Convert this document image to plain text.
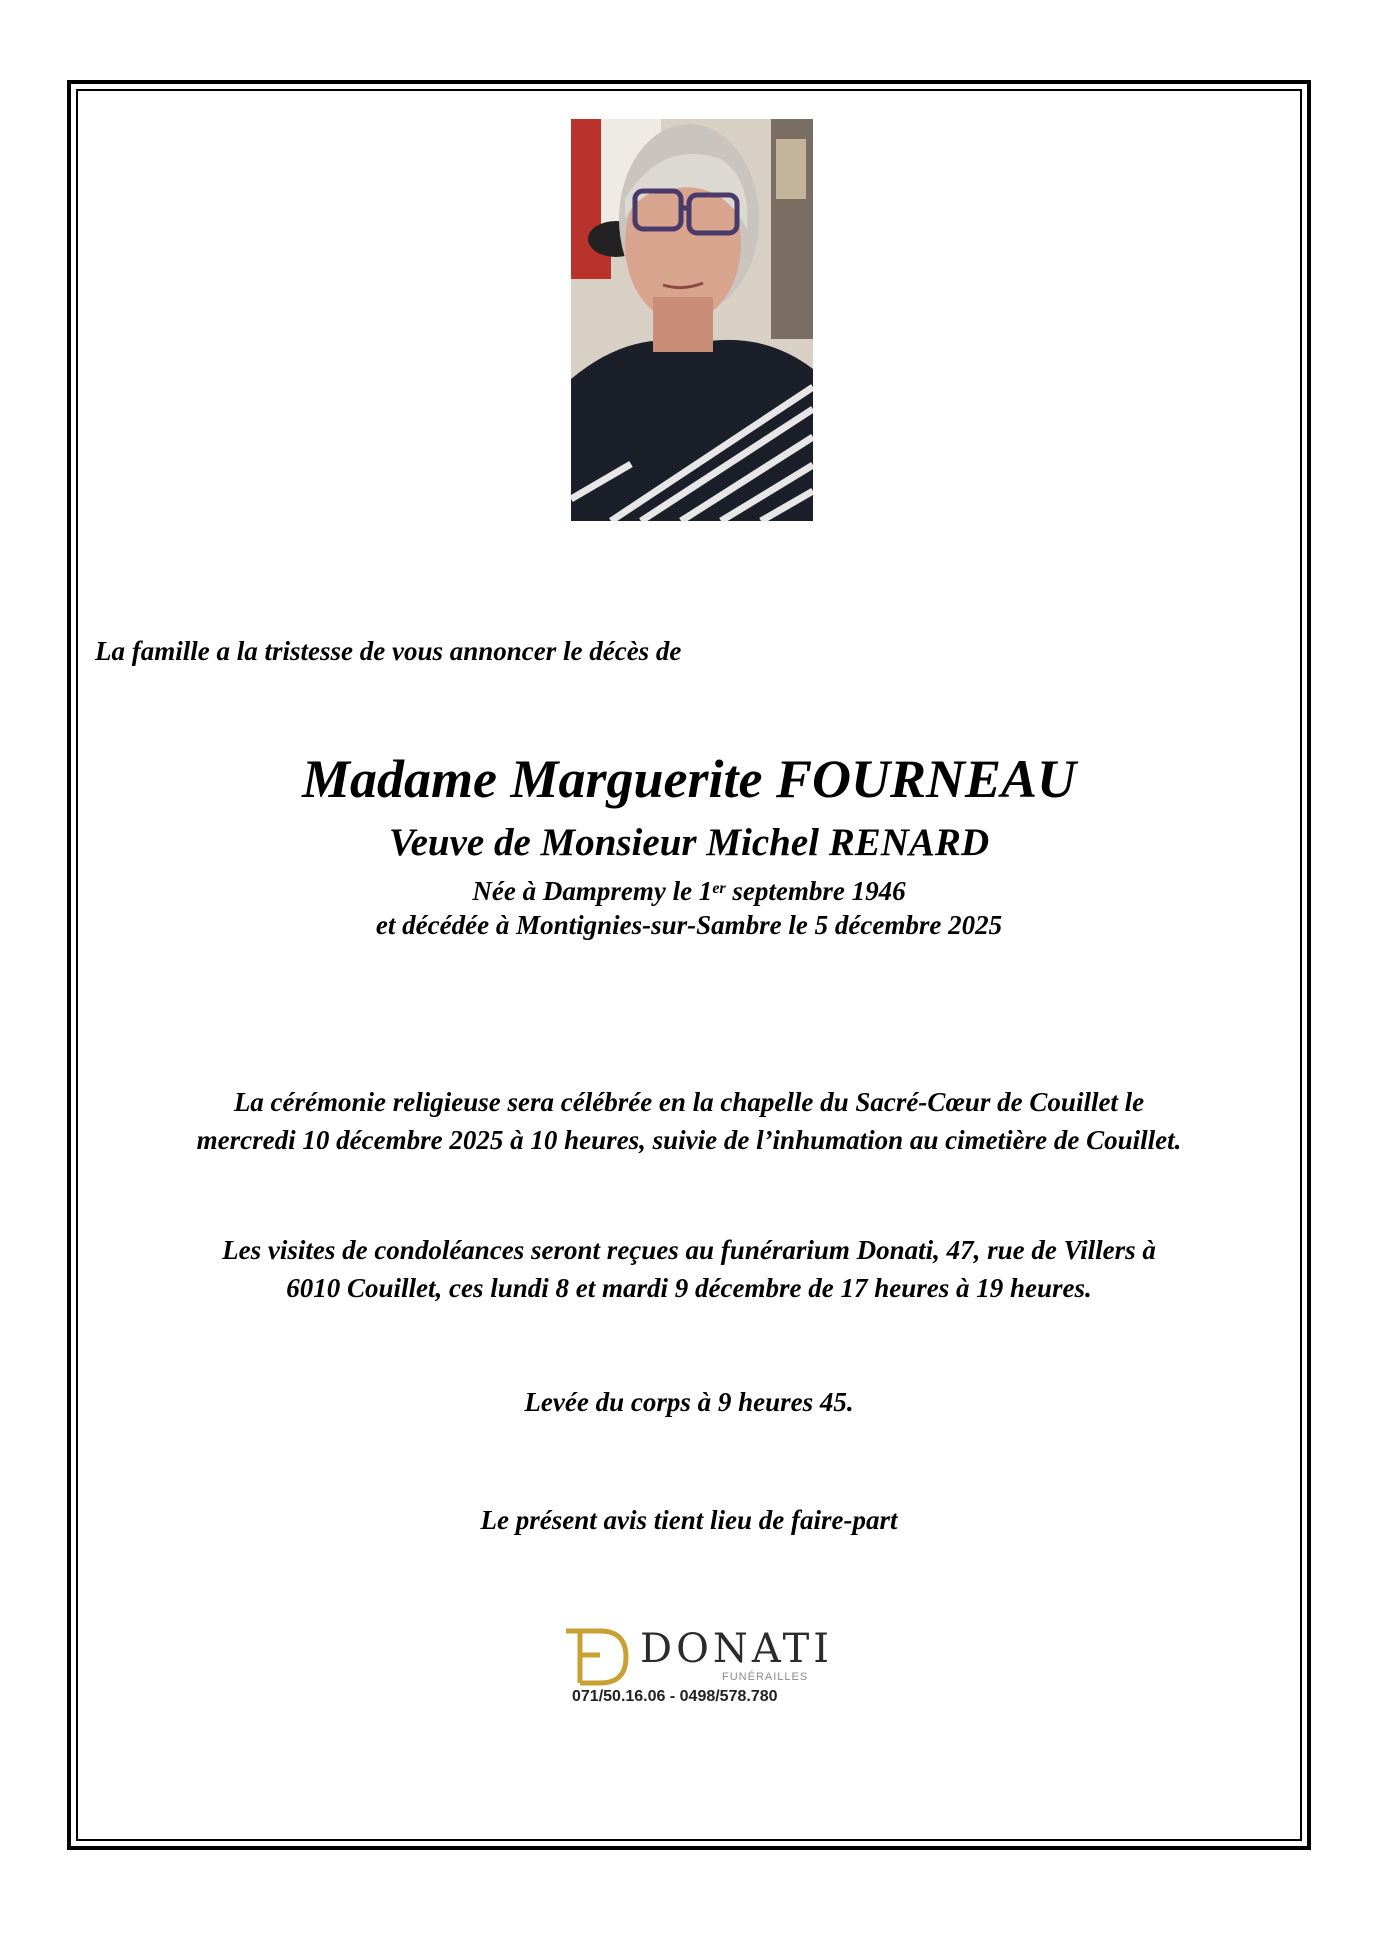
La famille a la tristesse de vous annoncer le décès de
Madame Marguerite FOURNEAU
Veuve de Monsieur Michel RENARD
Née à Dampremy le 1er septembre 1946
et décédée à Montignies-sur-Sambre le 5 décembre 2025
La cérémonie religieuse sera célébrée en la chapelle du Sacré-Cœur de Couillet le
mercredi 10 décembre 2025 à 10 heures, suivie de l’inhumation au cimetière de Couillet.
Les visites de condoléances seront reçues au funérarium Donati, 47, rue de Villers à
6010 Couillet, ces lundi 8 et mardi 9 décembre de 17 heures à 19 heures.
Levée du corps à 9 heures 45.
Le présent avis tient lieu de faire-part
DONATI
FUNÉRAILLES
071/50.16.06 - 0498/578.780
